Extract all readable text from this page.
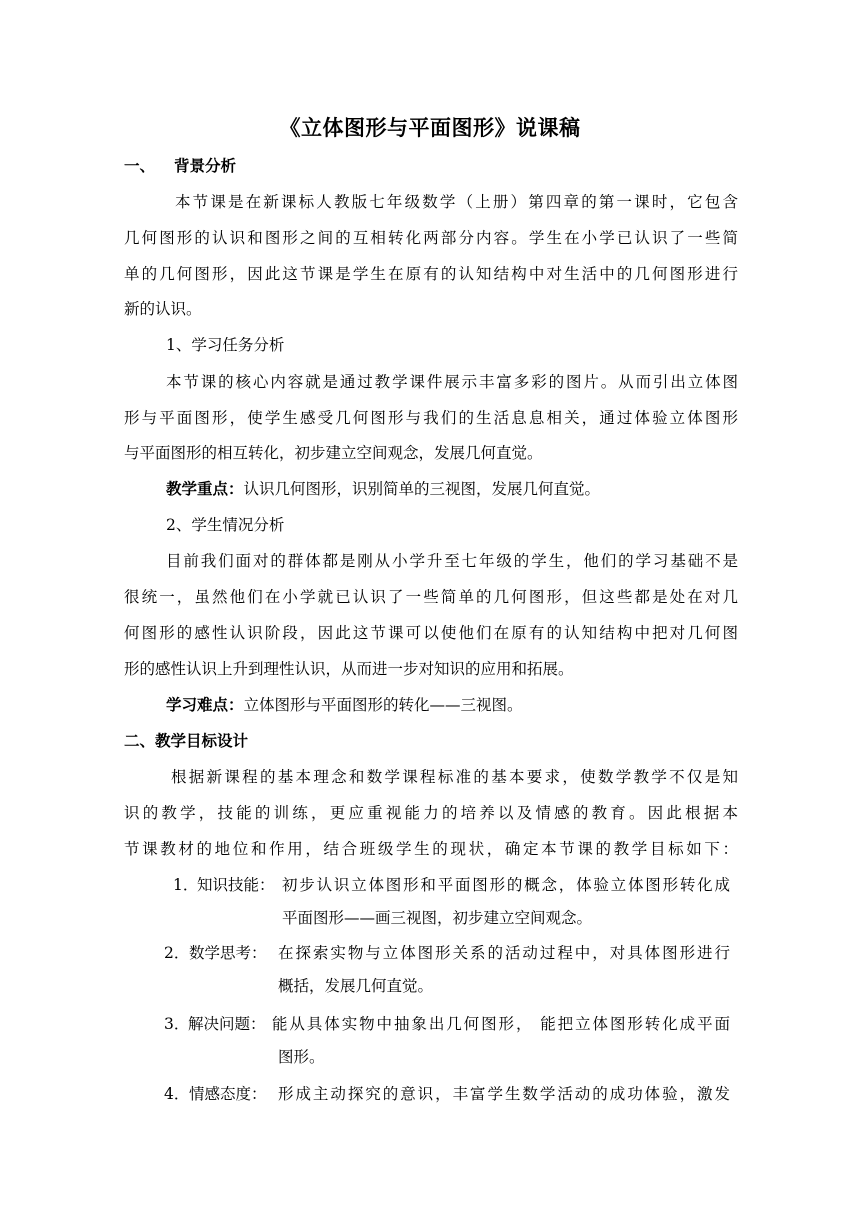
《立体图形与平面图形》说课稿
一、 背景分析
本节课是在新课标人教版七年级数学（上册）第四章的第一课时，它包含
几何图形的认识和图形之间的互相转化两部分内容。学生在小学已认识了一些简
单的几何图形，因此这节课是学生在原有的认知结构中对生活中的几何图形进行
新的认识。
1、学习任务分析
本节课的核心内容就是通过教学课件展示丰富多彩的图片。从而引出立体图
形与平面图形，使学生感受几何图形与我们的生活息息相关，通过体验立体图形
与平面图形的相互转化，初步建立空间观念，发展几何直觉。
教学重点：认识几何图形，识别简单的三视图，发展几何直觉。
2、学生情况分析
目前我们面对的群体都是刚从小学升至七年级的学生，他们的学习基础不是
很统一，虽然他们在小学就已认识了一些简单的几何图形，但这些都是处在对几
何图形的感性认识阶段，因此这节课可以使他们在原有的认知结构中把对几何图
形的感性认识上升到理性认识，从而进一步对知识的应用和拓展。
学习难点：立体图形与平面图形的转化——三视图。
二、教学目标设计
根据新课程的基本理念和数学课程标准的基本要求，使数学教学不仅是知
识的教学，技能的训练，更应重视能力的培养以及情感的教育。因此根据本
节课教材的地位和作用，结合班级学生的现状，确定本节课的教学目标如下：
1．
知识技能： 初步认识立体图形和平面图形的概念，体验立体图形转化成
平面图形——画三视图，初步建立空间观念。
2． 数学思考： 在探索实物与立体图形关系的活动过程中，对具体图形进行
概括，发展几何直觉。
3．
解决问题： 能从具体实物中抽象出几何图形， 能把立体图形转化成平面
图形。
4． 情感态度： 形成主动探究的意识，丰富学生数学活动的成功体验，激发
